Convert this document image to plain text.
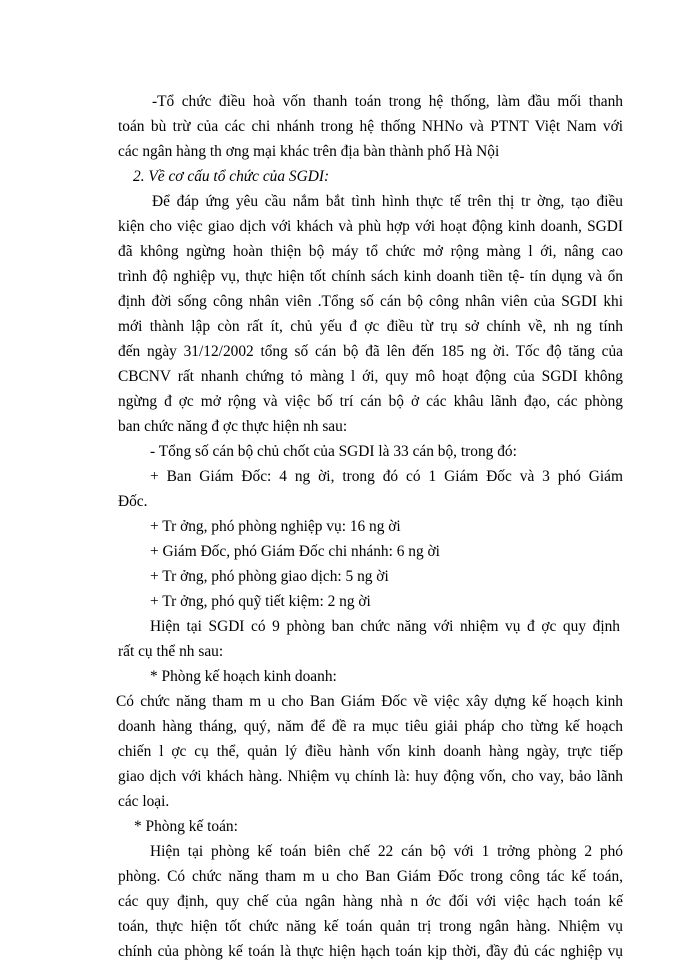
-Tổ chức điều hoà vốn thanh toán trong hệ thống, làm đầu mối thanh
toán bù trừ của các chi nhánh trong hệ thống NHNo và PTNT Việt Nam với
các ngân hàng th ơng mại khác trên địa bàn thành phố Hà Nội
2. Về cơ cấu tổ chức của SGDI:
Để đáp ứng yêu cầu nắm bắt tình hình thực tế trên thị tr ờng, tạo điều
kiện cho việc giao dịch với khách và phù hợp với hoạt động kinh doanh, SGDI
đã không ngừng hoàn thiện bộ máy tổ chức mở rộng màng l ới, nâng cao
trình độ nghiệp vụ, thực hiện tốt chính sách kinh doanh tiền tệ- tín dụng và ổn
định đời sống công nhân viên .Tổng số cán bộ công nhân viên của SGDI khi
mới thành lập còn rất ít, chủ yếu đ ợc điều từ trụ sở chính về, nh ng tính
đến ngày 31/12/2002 tổng số cán bộ đã lên đến 185 ng ời. Tốc độ tăng của
CBCNV rất nhanh chứng tỏ màng l ới, quy mô hoạt động của SGDI không
ngừng đ ợc mở rộng và việc bố trí cán bộ ở các khâu lãnh đạo, các phòng
ban chức năng đ ợc thực hiện nh sau:
- Tổng số cán bộ chủ chốt của SGDI là 33 cán bộ, trong đó:
+ Ban Giám Đốc: 4 ng ời, trong đó có 1 Giám Đốc và 3 phó Giám
Đốc.
+ Tr ởng, phó phòng nghiệp vụ: 16 ng ời
+ Giám Đốc, phó Giám Đốc chi nhánh: 6 ng ời
+ Tr ởng, phó phòng giao dịch: 5 ng ời
+ Tr ởng, phó quỹ tiết kiệm: 2 ng ời
Hiện tại SGDI có 9 phòng ban chức năng với nhiệm vụ đ ợc quy định
rất cụ thể nh sau:
* Phòng kế hoạch kinh doanh:
Có chức năng tham m u cho Ban Giám Đốc về việc xây dựng kế hoạch kinh
doanh hàng tháng, quý, năm để đề ra mục tiêu giải pháp cho từng kế hoạch
chiến l ợc cụ thể, quản lý điều hành vốn kinh doanh hàng ngày, trực tiếp
giao dịch với khách hàng. Nhiệm vụ chính là: huy động vốn, cho vay, bảo lãnh
các loại.
* Phòng kế toán:
Hiện tại phòng kế toán biên chế 22 cán bộ với 1 trởng phòng 2 phó
phòng. Có chức năng tham m u cho Ban Giám Đốc trong công tác kế toán,
các quy định, quy chế của ngân hàng nhà n ớc đối với việc hạch toán kế
toán, thực hiện tốt chức năng kế toán quản trị trong ngân hàng. Nhiệm vụ
chính của phòng kế toán là thực hiện hạch toán kịp thời, đầy đủ các nghiệp vụ
